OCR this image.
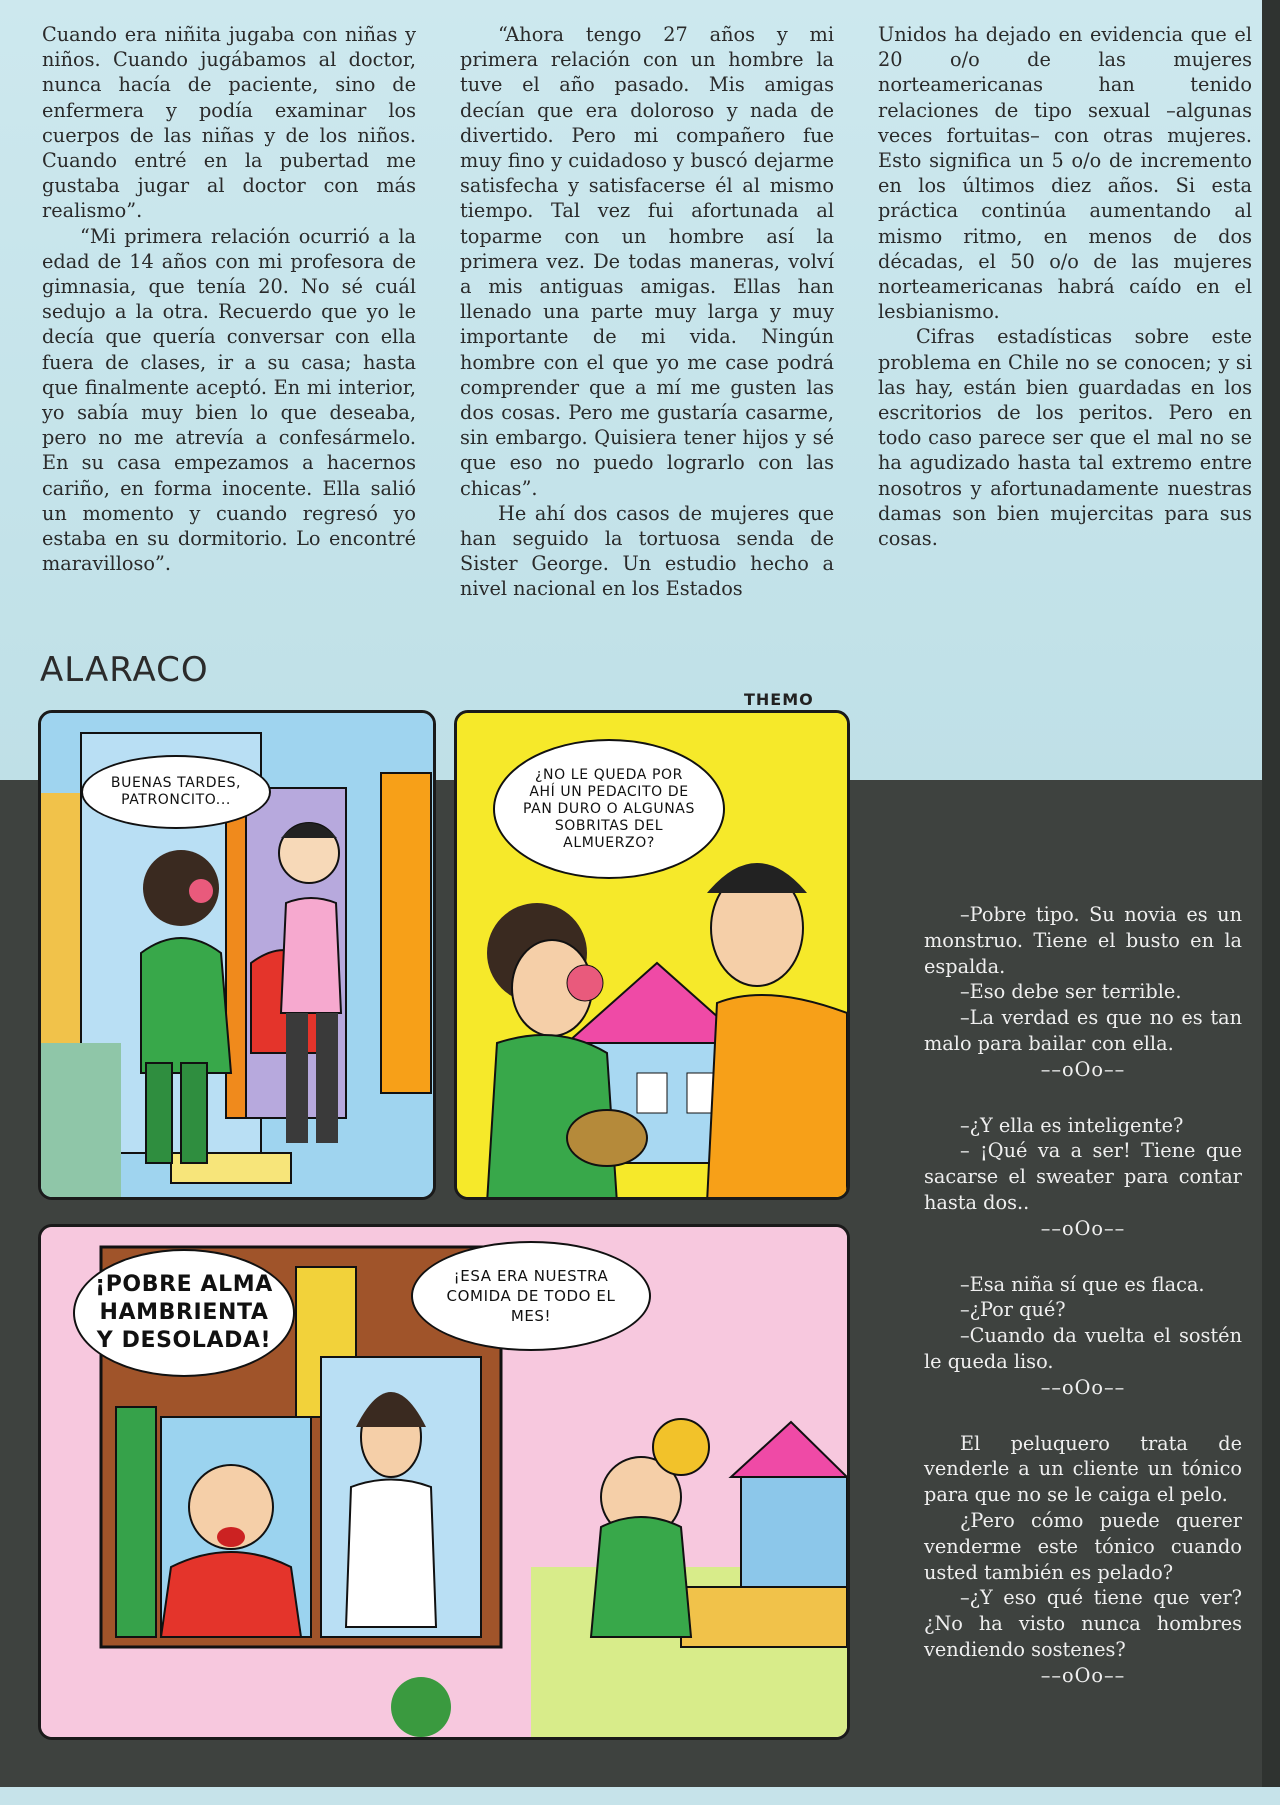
Cuando era niñita jugaba con niñas y niños. Cuando jugábamos al doctor, nunca hacía de paciente, sino de enfermera y podía examinar los cuerpos de las niñas y de los niños. Cuando entré en la pubertad me gustaba jugar al doctor con más realismo”.

“Mi primera relación ocurrió a la edad de 14 años con mi profesora de gimnasia, que tenía 20. No sé cuál sedujo a la otra. Recuerdo que yo le decía que quería conversar con ella fuera de clases, ir a su casa; hasta que finalmente aceptó. En mi interior, yo sabía muy bien lo que deseaba, pero no me atrevía a confesármelo. En su casa empezamos a hacernos cariño, en forma inocente. Ella salió un momento y cuando regresó yo estaba en su dormitorio. Lo encontré maravilloso”.

“Ahora tengo 27 años y mi primera relación con un hombre la tuve el año pasado. Mis amigas decían que era doloroso y nada de divertido. Pero mi compañero fue muy fino y cuidadoso y buscó dejarme satisfecha y satisfacerse él al mismo tiempo. Tal vez fui afortunada al toparme con un hombre así la primera vez. De todas maneras, volví a mis antiguas amigas. Ellas han llenado una parte muy larga y muy importante de mi vida. Ningún hombre con el que yo me case podrá comprender que a mí me gusten las dos cosas. Pero me gustaría casarme, sin embargo. Quisiera tener hijos y sé que eso no puedo lograrlo con las chicas”.

He ahí dos casos de mujeres que han seguido la tortuosa senda de Sister George. Un estudio hecho a nivel nacional en los Estados

Unidos ha dejado en evidencia que el 20 o/o de las mujeres norteamericanas han tenido relaciones de tipo sexual –algunas veces fortuitas– con otras mujeres. Esto significa un 5 o/o de incremento en los últimos diez años. Si esta práctica continúa aumentando al mismo ritmo, en menos de dos décadas, el 50 o/o de las mujeres norteamericanas habrá caído en el lesbianismo.

Cifras estadísticas sobre este problema en Chile no se conocen; y si las hay, están bien guardadas en los escritorios de los peritos. Pero en todo caso parece ser que el mal no se ha agudizado hasta tal extremo entre nosotros y afortunadamente nuestras damas son bien mujercitas para sus cosas.

ALARACO
THEMO
BUENAS TARDES, PATRONCITO...
¿NO LE QUEDA POR AHÍ UN PEDACITO DE PAN DURO O ALGUNAS SOBRITAS DEL ALMUERZO?
¡POBRE ALMA HAMBRIENTA Y DESOLADA!
¡ESA ERA NUESTRA COMIDA DE TODO EL MES!

–Pobre tipo. Su novia es un monstruo. Tiene el busto en la espalda.

–Eso debe ser terrible.

–La verdad es que no es tan malo para bailar con ella.

––oOo––

–¿Y ella es inteligente?

– ¡Qué va a ser! Tiene que sacarse el sweater para contar hasta dos..

––oOo––

–Esa niña sí que es flaca.

–¿Por qué?

–Cuando da vuelta el sostén le queda liso.

––oOo––

El peluquero trata de venderle a un cliente un tónico para que no se le caiga el pelo.

¿Pero cómo puede querer venderme este tónico cuando usted también es pelado?

–¿Y eso qué tiene que ver? ¿No ha visto nunca hombres vendiendo sostenes?

––oOo––
